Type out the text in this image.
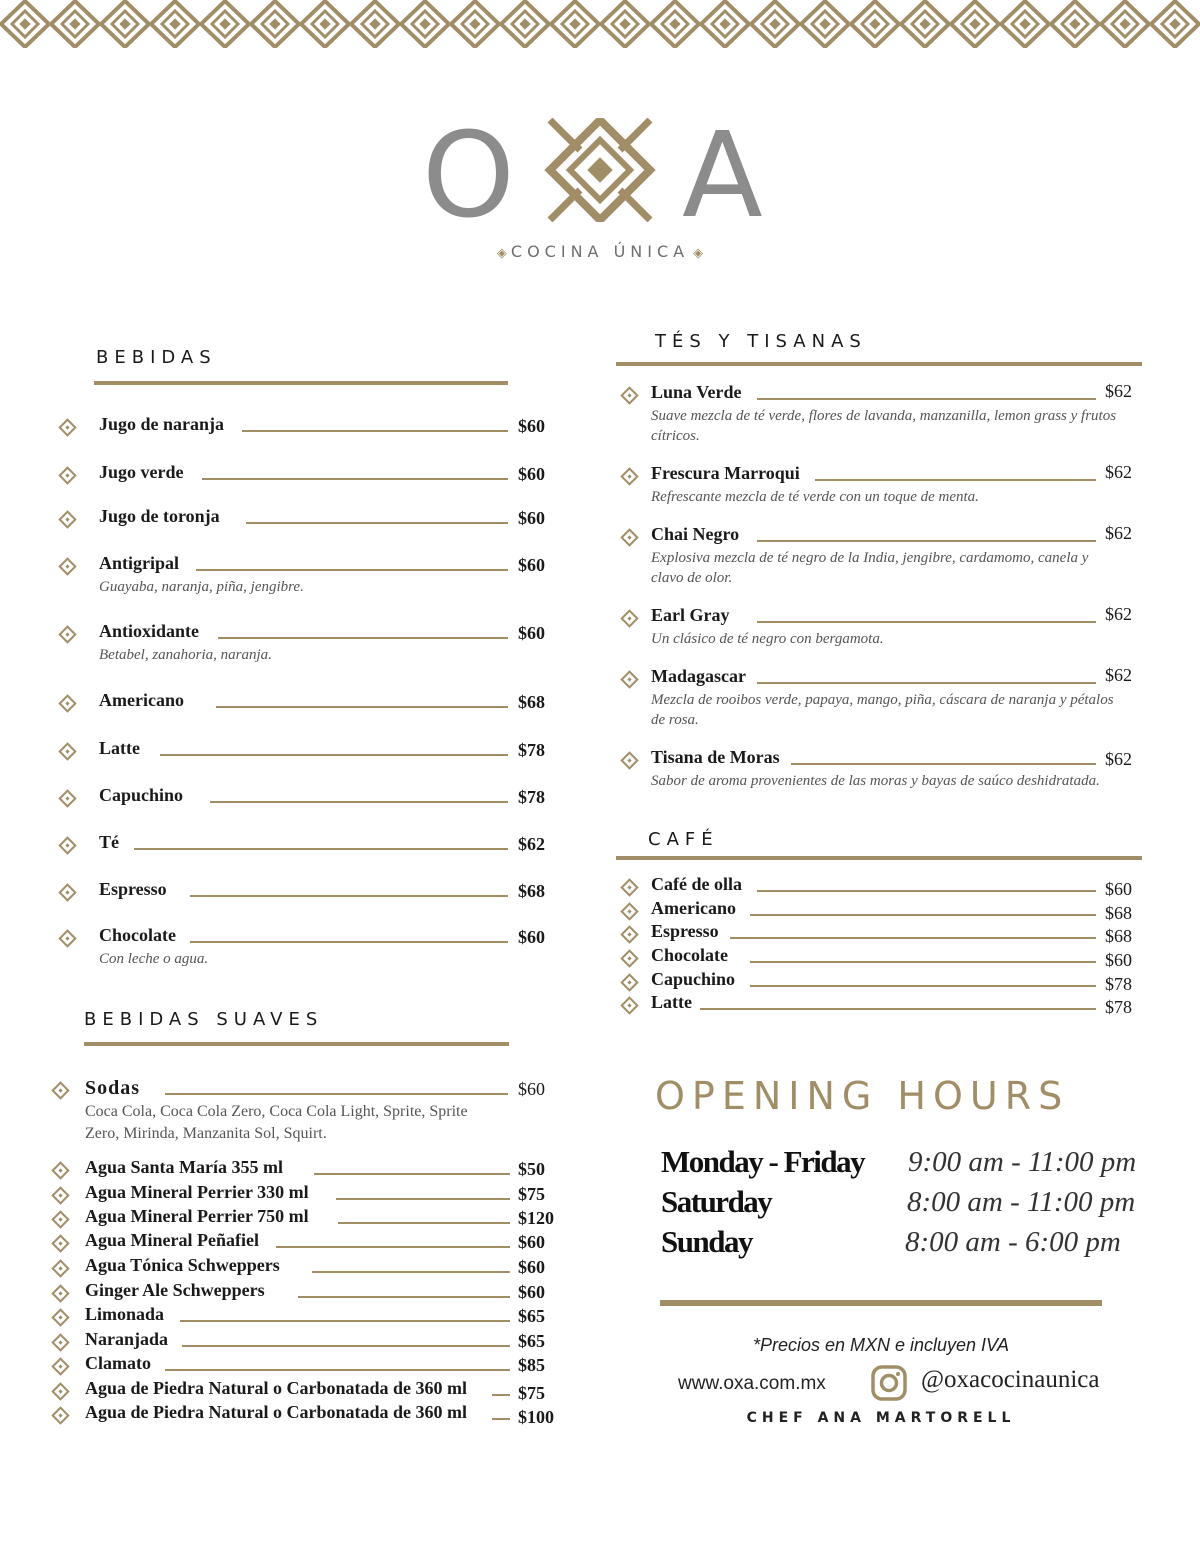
O A
◈ COCINA ÚNICA ◈
BEBIDAS
Jugo de naranja	$60
Jugo verde	$60
Jugo de toronja	$60
Antigripal	$60
Guayaba, naranja, piña, jengibre.
Antioxidante	$60
Betabel, zanahoria, naranja.
Americano	$68
Latte	$78
Capuchino	$78
Té	$62
Espresso	$68
Chocolate	$60
Con leche o agua.
BEBIDAS SUAVES
Sodas	$60
Coca Cola, Coca Cola Zero, Coca Cola Light, Sprite, Sprite Zero, Mirinda, Manzanita Sol, Squirt.
Agua Santa María 355 ml	$50
Agua Mineral Perrier 330 ml	$75
Agua Mineral Perrier 750 ml	$120
Agua Mineral Peñafiel	$60
Agua Tónica Schweppers	$60
Ginger Ale Schweppers	$60
Limonada	$65
Naranjada	$65
Clamato	$85
Agua de Piedra Natural o Carbonatada de 360 ml	$75
Agua de Piedra Natural o Carbonatada de 360 ml	$100
TÉS Y TISANAS
Luna Verde	$62
Suave mezcla de té verde, flores de lavanda, manzanilla, lemon grass y frutos cítricos.
Frescura Marroqui	$62
Refrescante mezcla de té verde con un toque de menta.
Chai Negro	$62
Explosiva mezcla de té negro de la India, jengibre, cardamomo, canela y clavo de olor.
Earl Gray	$62
Un clásico de té negro con bergamota.
Madagascar	$62
Mezcla de rooibos verde, papaya, mango, piña, cáscara de naranja y pétalos de rosa.
Tisana de Moras	$62
Sabor de aroma provenientes de las moras y bayas de saúco deshidratada.
CAFÉ
Café de olla	$60
Americano	$68
Espresso	$68
Chocolate	$60
Capuchino	$78
Latte	$78
OPENING HOURS
Monday - Friday 9:00 am - 11:00 pm
Saturday	8:00 am - 11:00 pm
Sunday	8:00 am - 6:00 pm
*Precios en MXN e incluyen IVA
www.oxa.com.mx	@oxacocinaunica
CHEF ANA MARTORELL
